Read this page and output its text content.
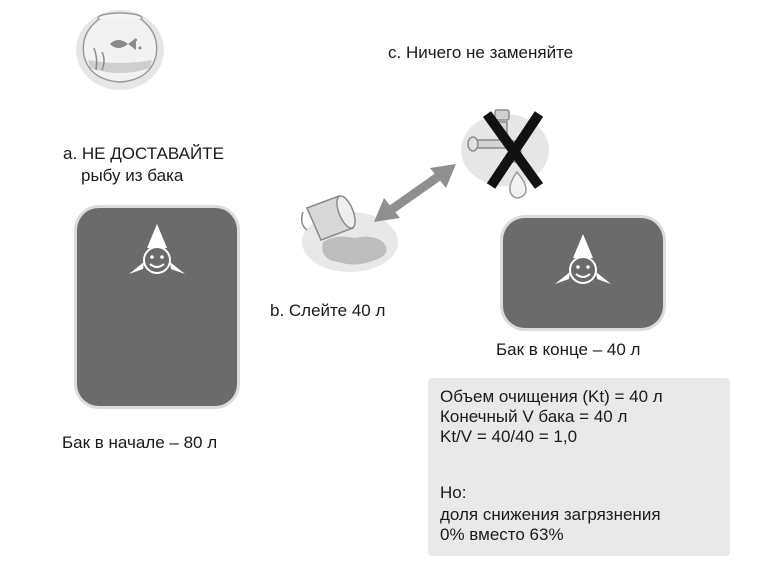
a. НЕ ДОСТАВАЙТЕ
рыбу из бака
Бак в начале – 80 л
b. Слейте 40 л
c. Ничего не заменяйте
Бак в конце – 40 л
Объем очищения (Kt) = 40 л
Конечный V бака = 40 л
Kt/V = 40/40 = 1,0
Но:
доля снижения загрязнения
0% вместо 63%
